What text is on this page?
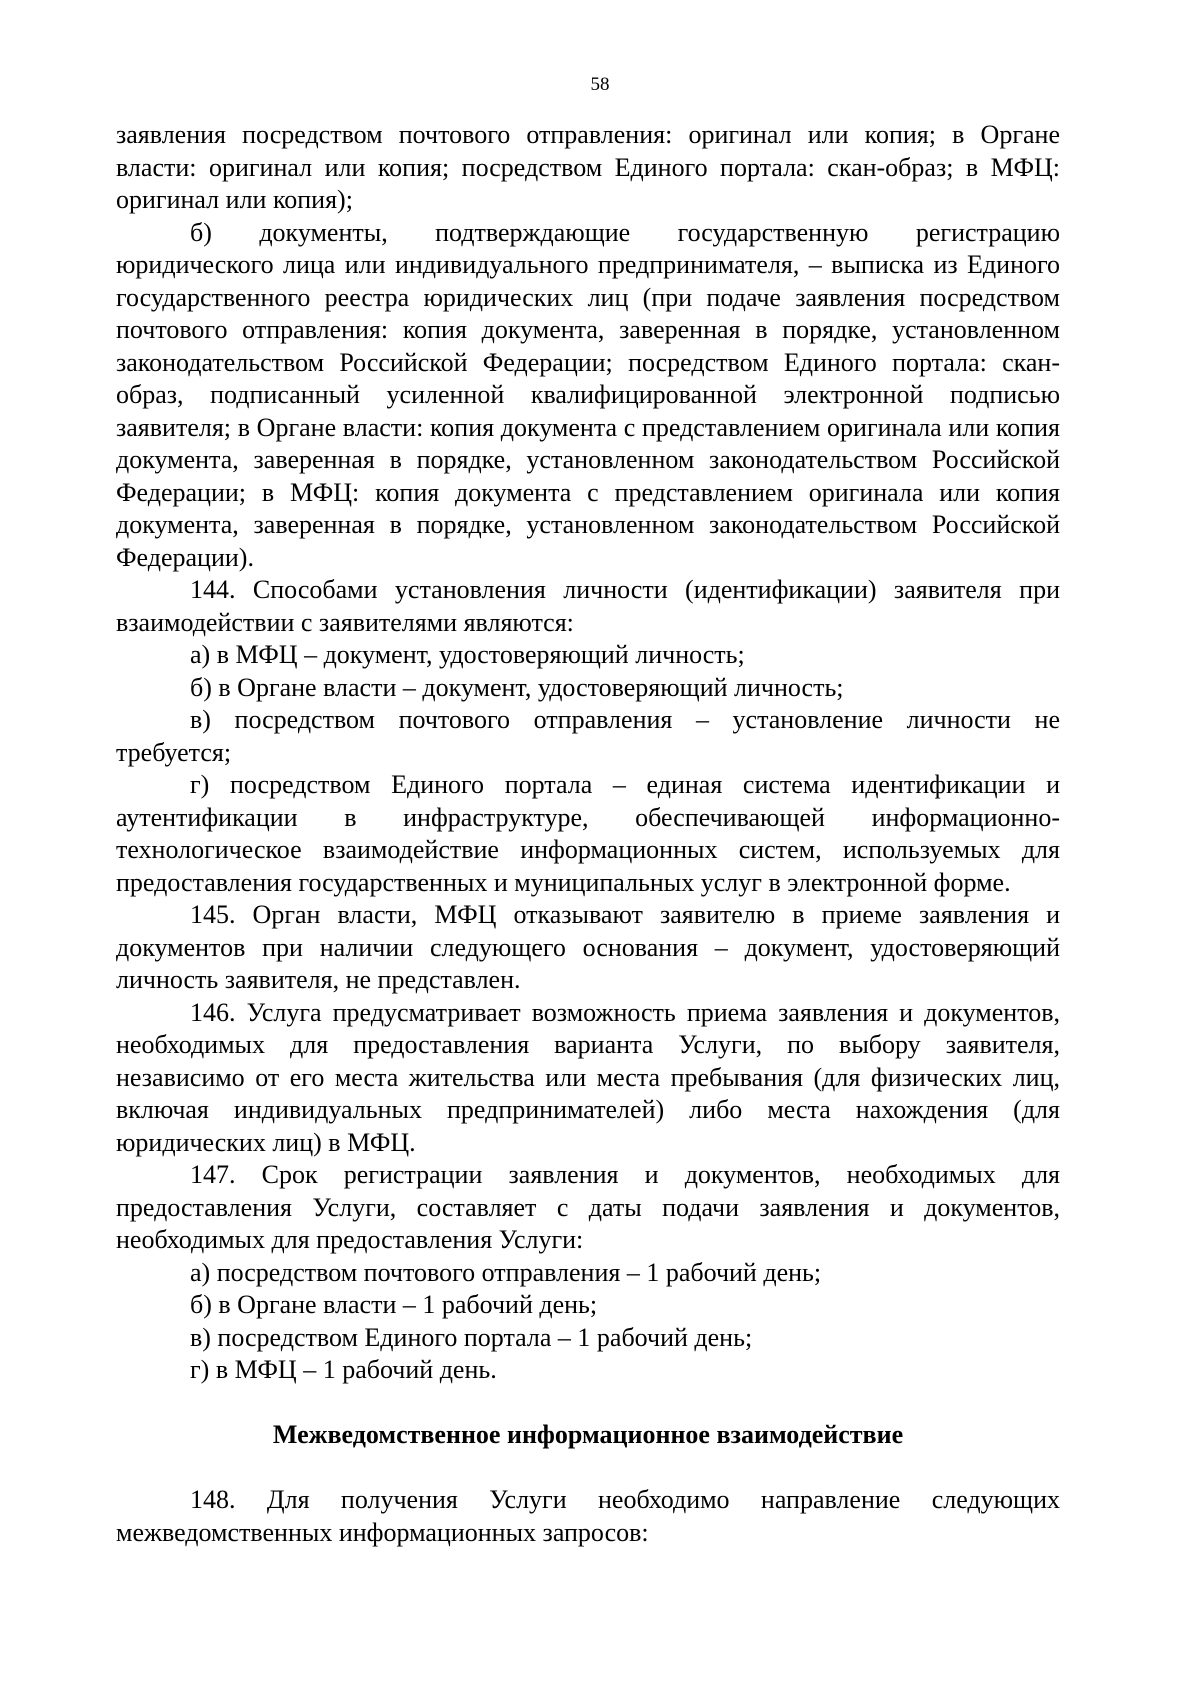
58

заявления посредством почтового отправления: оригинал или копия; в Органе власти: оригинал или копия; посредством Единого портала: скан-образ; в МФЦ: оригинал или копия);

б) документы, подтверждающие государственную регистрацию юридического лица или индивидуального предпринимателя, – выписка из Единого государственного реестра юридических лиц (при подаче заявления посредством почтового отправления: копия документа, заверенная в порядке, установленном законодательством Российской Федерации; посредством Единого портала: скан-образ, подписанный усиленной квалифицированной электронной подписью заявителя; в Органе власти: копия документа с представлением оригинала или копия документа, заверенная в порядке, установленном законодательством Российской Федерации; в МФЦ: копия документа с представлением оригинала или копия документа, заверенная в порядке, установленном законодательством Российской Федерации).

144. Способами установления личности (идентификации) заявителя при взаимодействии с заявителями являются:

а) в МФЦ – документ, удостоверяющий личность;

б) в Органе власти – документ, удостоверяющий личность;

в) посредством почтового отправления – установление личности не требуется;

г) посредством Единого портала – единая система идентификации и аутентификации в инфраструктуре, обеспечивающей информационно-технологическое взаимодействие информационных систем, используемых для предоставления государственных и муниципальных услуг в электронной форме.

145. Орган власти, МФЦ отказывают заявителю в приеме заявления и документов при наличии следующего основания – документ, удостоверяющий личность заявителя, не представлен.

146. Услуга предусматривает возможность приема заявления и документов, необходимых для предоставления варианта Услуги, по выбору заявителя, независимо от его места жительства или места пребывания (для физических лиц, включая индивидуальных предпринимателей) либо места нахождения (для юридических лиц) в МФЦ.

147. Срок регистрации заявления и документов, необходимых для предоставления Услуги, составляет с даты подачи заявления и документов, необходимых для предоставления Услуги:

а) посредством почтового отправления – 1 рабочий день;

б) в Органе власти – 1 рабочий день;

в) посредством Единого портала – 1 рабочий день;

г) в МФЦ – 1 рабочий день.

Межведомственное информационное взаимодействие

148. Для получения Услуги необходимо направление следующих межведомственных информационных запросов:
